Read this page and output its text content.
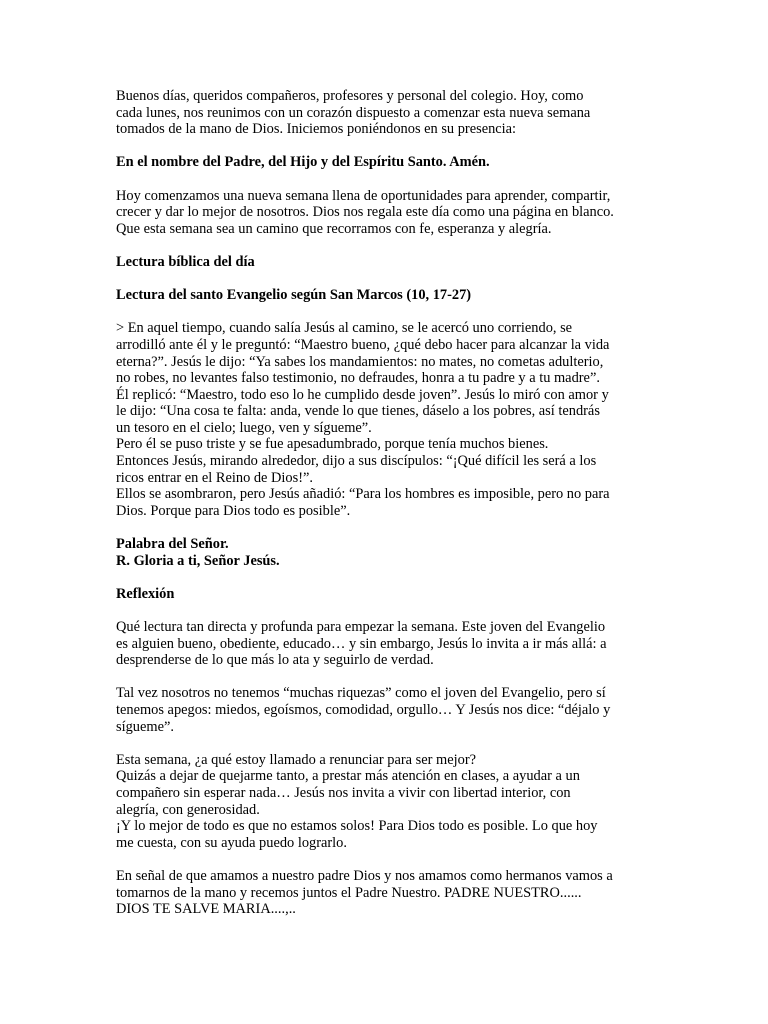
Buenos días, queridos compañeros, profesores y personal del colegio. Hoy, como
cada lunes, nos reunimos con un corazón dispuesto a comenzar esta nueva semana
tomados de la mano de Dios. Iniciemos poniéndonos en su presencia:

En el nombre del Padre, del Hijo y del Espíritu Santo. Amén.

Hoy comenzamos una nueva semana llena de oportunidades para aprender, compartir,
crecer y dar lo mejor de nosotros. Dios nos regala este día como una página en blanco.
Que esta semana sea un camino que recorramos con fe, esperanza y alegría.

Lectura bíblica del día

Lectura del santo Evangelio según San Marcos (10, 17-27)

> En aquel tiempo, cuando salía Jesús al camino, se le acercó uno corriendo, se
arrodilló ante él y le preguntó: “Maestro bueno, ¿qué debo hacer para alcanzar la vida
eterna?”. Jesús le dijo: “Ya sabes los mandamientos: no mates, no cometas adulterio,
no robes, no levantes falso testimonio, no defraudes, honra a tu padre y a tu madre”.
Él replicó: “Maestro, todo eso lo he cumplido desde joven”. Jesús lo miró con amor y
le dijo: “Una cosa te falta: anda, vende lo que tienes, dáselo a los pobres, así tendrás
un tesoro en el cielo; luego, ven y sígueme”.
Pero él se puso triste y se fue apesadumbrado, porque tenía muchos bienes.
Entonces Jesús, mirando alrededor, dijo a sus discípulos: “¡Qué difícil les será a los
ricos entrar en el Reino de Dios!”.
Ellos se asombraron, pero Jesús añadió: “Para los hombres es imposible, pero no para
Dios. Porque para Dios todo es posible”.

Palabra del Señor.
R. Gloria a ti, Señor Jesús.

Reflexión

Qué lectura tan directa y profunda para empezar la semana. Este joven del Evangelio
es alguien bueno, obediente, educado… y sin embargo, Jesús lo invita a ir más allá: a
desprenderse de lo que más lo ata y seguirlo de verdad.

Tal vez nosotros no tenemos “muchas riquezas” como el joven del Evangelio, pero sí
tenemos apegos: miedos, egoísmos, comodidad, orgullo… Y Jesús nos dice: “déjalo y
sígueme”.

Esta semana, ¿a qué estoy llamado a renunciar para ser mejor?
Quizás a dejar de quejarme tanto, a prestar más atención en clases, a ayudar a un
compañero sin esperar nada… Jesús nos invita a vivir con libertad interior, con
alegría, con generosidad.
¡Y lo mejor de todo es que no estamos solos! Para Dios todo es posible. Lo que hoy
me cuesta, con su ayuda puedo lograrlo.

En señal de que amamos a nuestro padre Dios y nos amamos como hermanos vamos a
tomarnos de la mano y recemos juntos el Padre Nuestro. PADRE NUESTRO......
DIOS TE SALVE MARIA....,..
